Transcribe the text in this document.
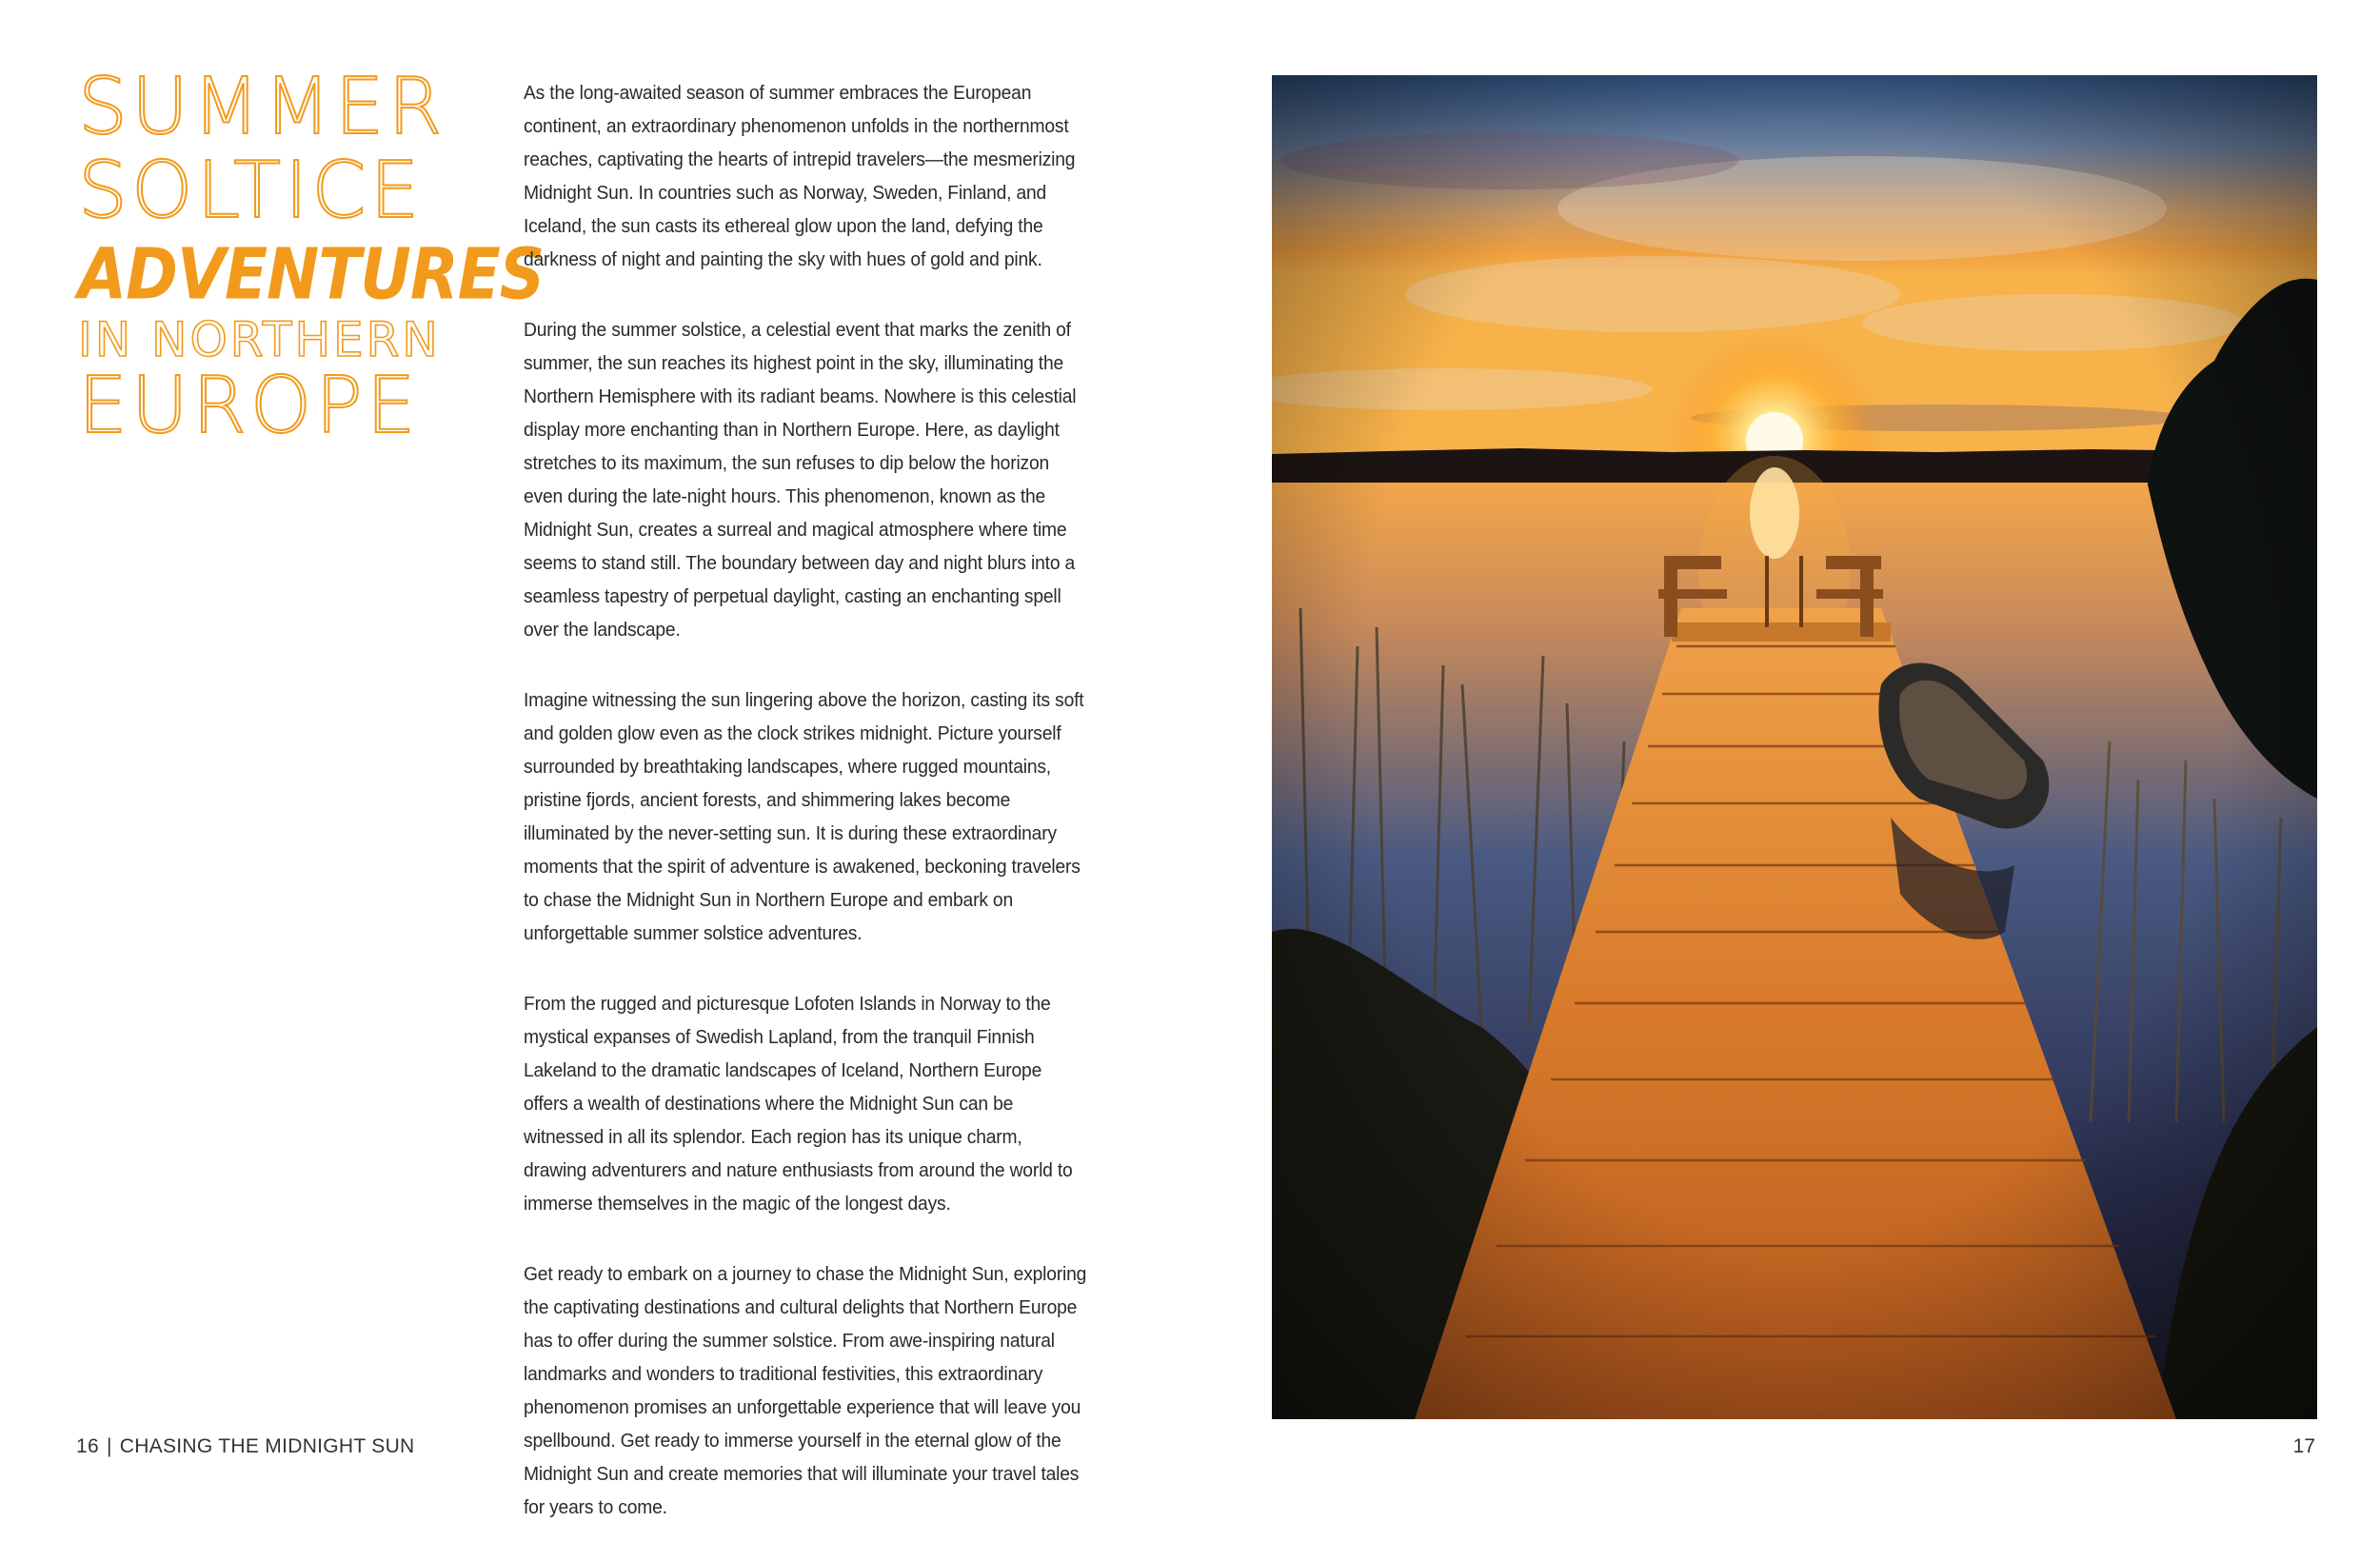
SUMMER
SOLTICE
ADVENTURES
IN NORTHERN
EUROPE

As the long-awaited season of summer embraces the European continent, an extraordinary phenomenon unfolds in the northernmost reaches, captivating the hearts of intrepid travelers—the mesmerizing Midnight Sun. In countries such as Norway, Sweden, Finland, and Iceland, the sun casts its ethereal glow upon the land, defying the darkness of night and painting the sky with hues of gold and pink.

During the summer solstice, a celestial event that marks the zenith of summer, the sun reaches its highest point in the sky, illuminating the Northern Hemisphere with its radiant beams. Nowhere is this celestial display more enchanting than in Northern Europe. Here, as daylight stretches to its maximum, the sun refuses to dip below the horizon even during the late-night hours. This phenomenon, known as the Midnight Sun, creates a surreal and magical atmosphere where time seems to stand still. The boundary between day and night blurs into a seamless tapestry of perpetual daylight, casting an enchanting spell over the landscape.

Imagine witnessing the sun lingering above the horizon, casting its soft and golden glow even as the clock strikes midnight. Picture yourself surrounded by breathtaking landscapes, where rugged mountains, pristine fjords, ancient forests, and shimmering lakes become illuminated by the never-setting sun. It is during these extraordinary moments that the spirit of adventure is awakened, beckoning travelers to chase the Midnight Sun in Northern Europe and embark on unforgettable summer solstice adventures.

From the rugged and picturesque Lofoten Islands in Norway to the mystical expanses of Swedish Lapland, from the tranquil Finnish Lakeland to the dramatic landscapes of Iceland, Northern Europe offers a wealth of destinations where the Midnight Sun can be witnessed in all its splendor. Each region has its unique charm, drawing adventurers and nature enthusiasts from around the world to immerse themselves in the magic of the longest days.

Get ready to embark on a journey to chase the Midnight Sun, exploring the captivating destinations and cultural delights that Northern Europe has to offer during the summer solstice. From awe-inspiring natural landmarks and wonders to traditional festivities, this extraordinary phenomenon promises an unforgettable experience that will leave you spellbound. Get ready to immerse yourself in the eternal glow of the Midnight Sun and create memories that will illuminate your travel tales for years to come.

16 | CHASING THE MIDNIGHT SUN	17
